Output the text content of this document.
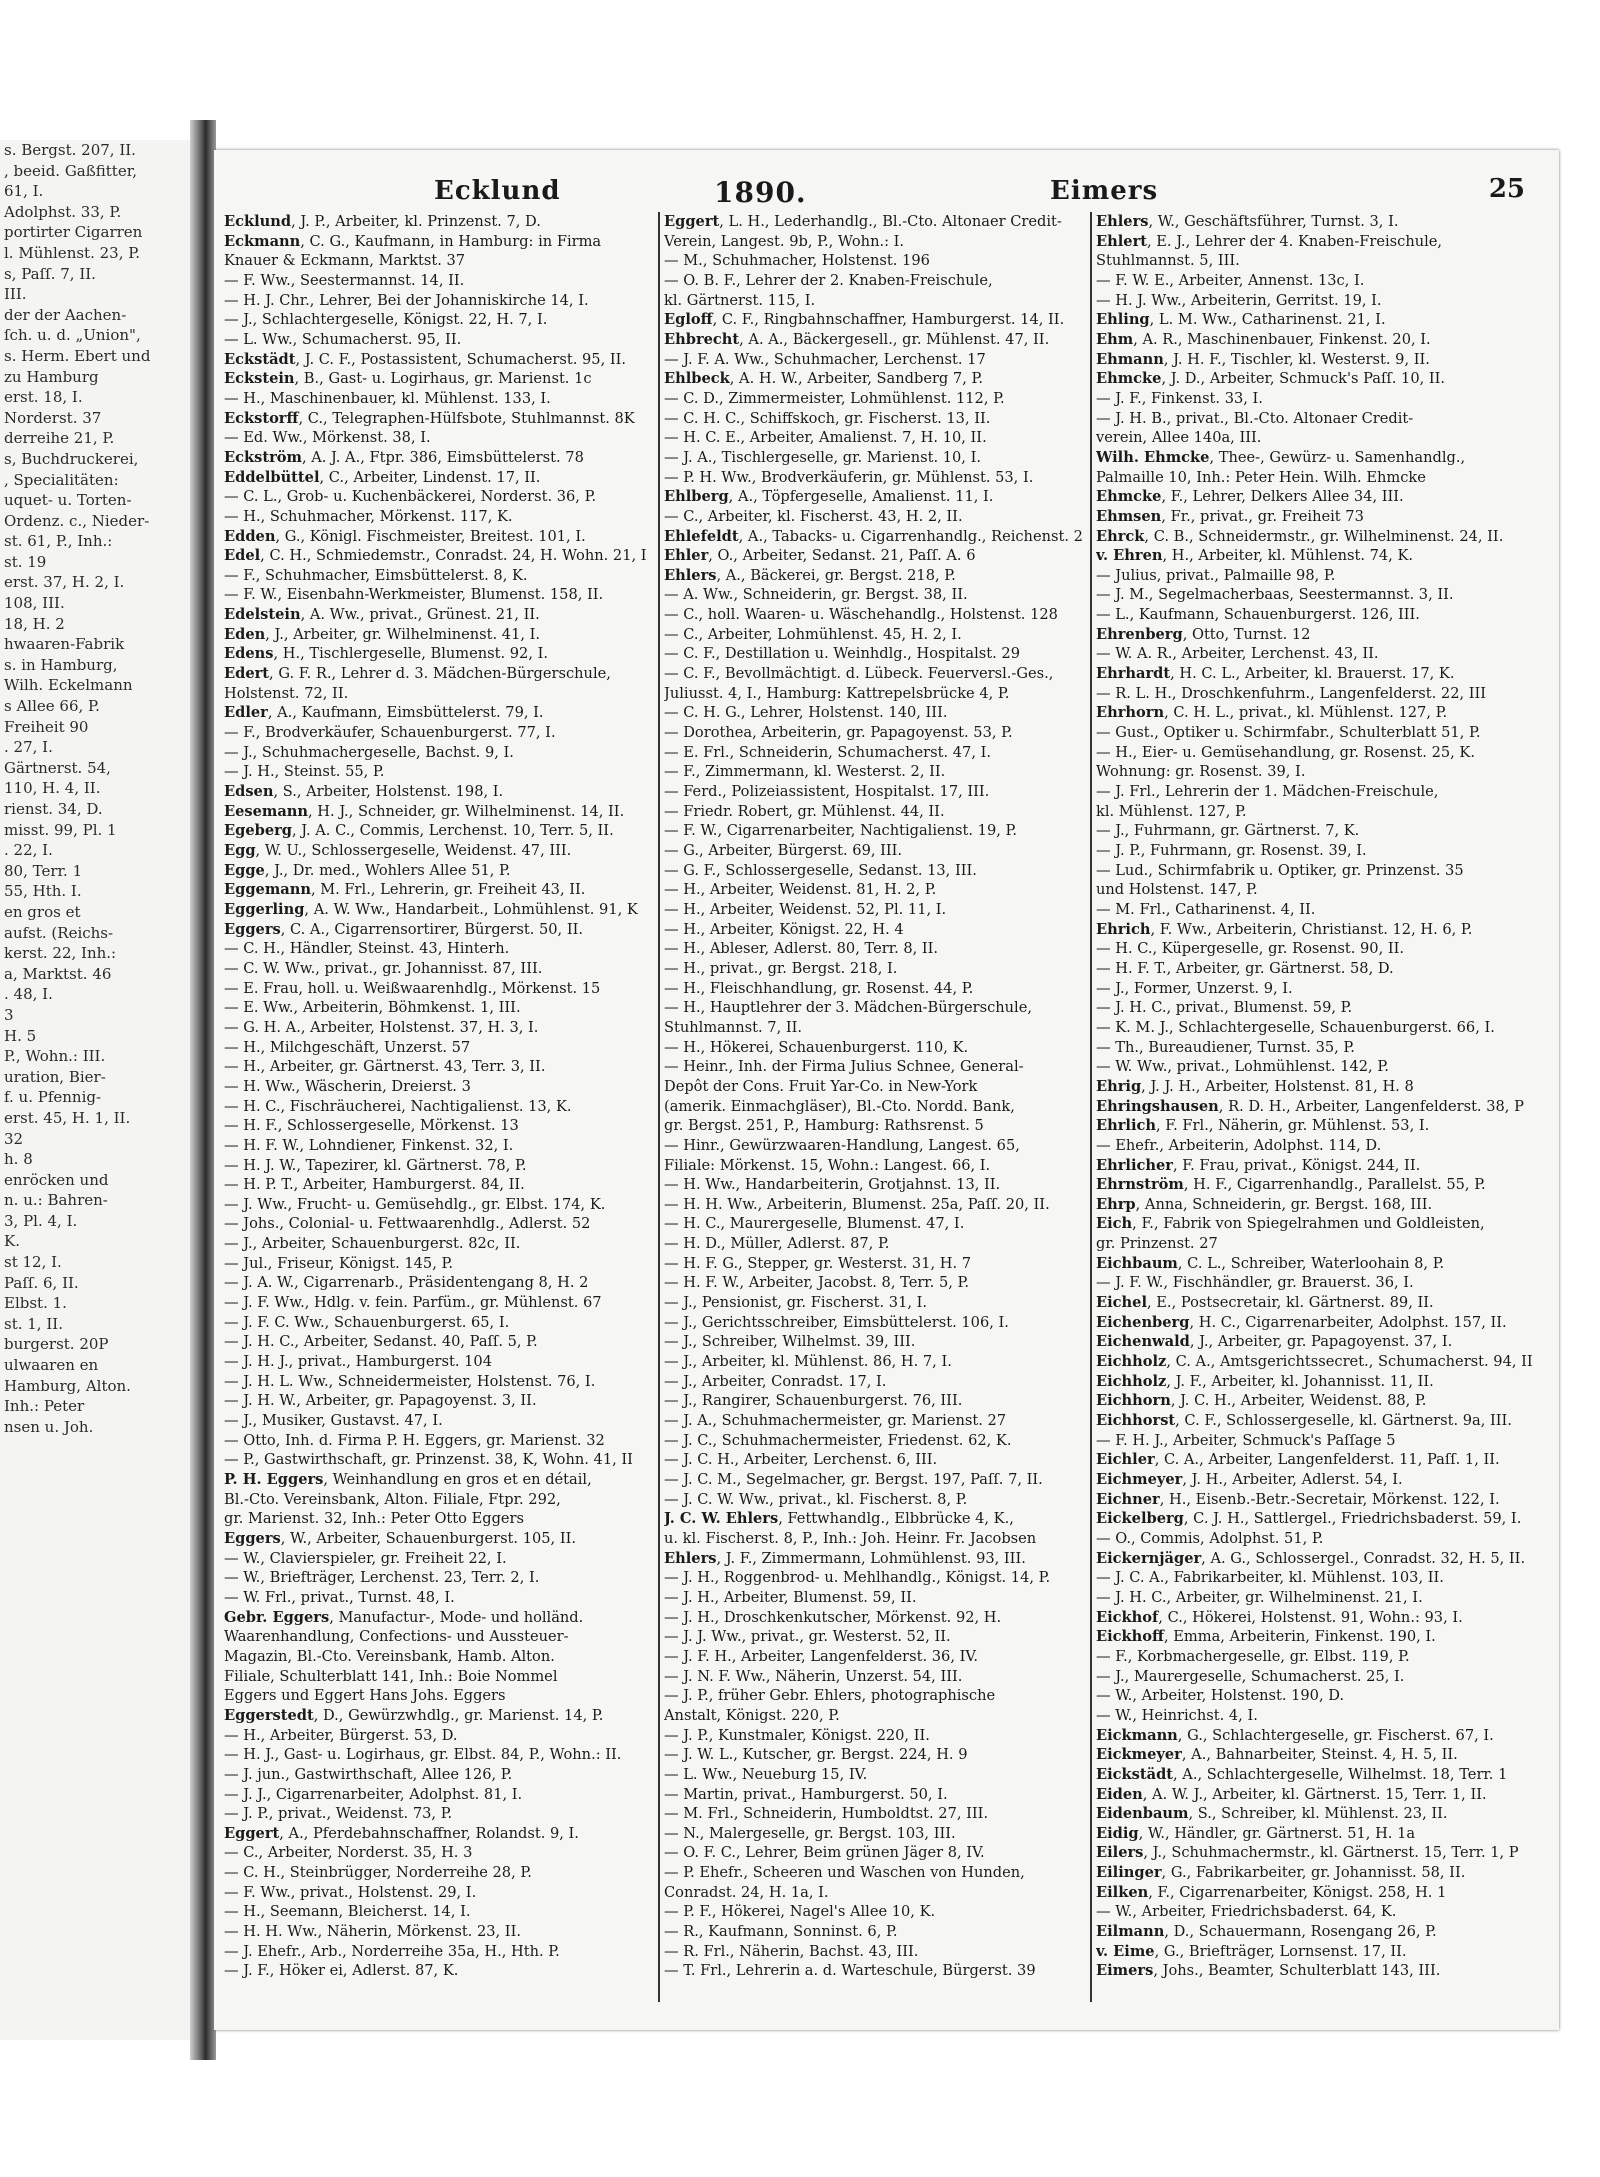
s. Bergst. 207, II.
, beeid. Gaßfitter,
61, I.
Adolphst. 33, P.
portirter Cigarren
l. Mühlenst. 23, P.
s, Paſſ. 7, II.
III.
der der Aachen-
ſch. u. d. „Union",
s. Herm. Ebert und
zu Hamburg
erst. 18, I.
Norderst. 37
derreihe 21, P.
s, Buchdruckerei,
, Specialitäten:
uquet- u. Torten-
Ordenz. c., Nieder-
st. 61, P., Inh.:
st. 19
erst. 37, H. 2, I.
108, III.
18, H. 2
hwaaren-Fabrik
s. in Hamburg,
Wilh. Eckelmann
s Allee 66, P.
Freiheit 90
. 27, I.
Gärtnerst. 54,
110, H. 4, II.
rienst. 34, D.
misst. 99, Pl. 1
. 22, I.
80, Terr. 1
55, Hth. I.
en gros et
aufst. (Reichs-
kerst. 22, Inh.:
a, Marktst. 46
. 48, I.
3
H. 5
P., Wohn.: III.
uration, Bier-
f. u. Pfennig-
erst. 45, H. 1, II.
32
h. 8
enröcken und
n. u.: Bahren-
3, Pl. 4, I.
K.
st 12, I.
Paſſ. 6, II.
Elbst. 1.
st. 1, II.
burgerst. 20P
ulwaaren en
Hamburg, Alton.
Inh.: Peter
nsen u. Joh.
Ecklund	1890.	Eimers	25
Ecklund, J. P., Arbeiter, kl. Prinzenst. 7, D.
Eckmann, C. G., Kaufmann, in Hamburg: in Firma
Knauer & Eckmann, Marktst. 37
— F. Ww., Seestermannst. 14, II.
— H. J. Chr., Lehrer, Bei der Johanniskirche 14, I.
— J., Schlachtergeselle, Königst. 22, H. 7, I.
— L. Ww., Schumacherst. 95, II.
Eckstädt, J. C. F., Postassistent, Schumacherst. 95, II.
Eckstein, B., Gast- u. Logirhaus, gr. Marienst. 1c
— H., Maschinenbauer, kl. Mühlenst. 133, I.
Eckstorff, C., Telegraphen-Hülfsbote, Stuhlmannst. 8K
— Ed. Ww., Mörkenst. 38, I.
Eckström, A. J. A., Ftpr. 386, Eimsbüttelerst. 78
Eddelbüttel, C., Arbeiter, Lindenst. 17, II.
— C. L., Grob- u. Kuchenbäckerei, Norderst. 36, P.
— H., Schuhmacher, Mörkenst. 117, K.
Edden, G., Königl. Fischmeister, Breitest. 101, I.
Edel, C. H., Schmiedemstr., Conradst. 24, H. Wohn. 21, I
— F., Schuhmacher, Eimsbüttelerst. 8, K.
— F. W., Eisenbahn-Werkmeister, Blumenst. 158, II.
Edelstein, A. Ww., privat., Grünest. 21, II.
Eden, J., Arbeiter, gr. Wilhelminenst. 41, I.
Edens, H., Tischlergeselle, Blumenst. 92, I.
Edert, G. F. R., Lehrer d. 3. Mädchen-Bürgerschule,
Holstenst. 72, II.
Edler, A., Kaufmann, Eimsbüttelerst. 79, I.
— F., Brodverkäufer, Schauenburgerst. 77, I.
— J., Schuhmachergeselle, Bachst. 9, I.
— J. H., Steinst. 55, P.
Edsen, S., Arbeiter, Holstenst. 198, I.
Eesemann, H. J., Schneider, gr. Wilhelminenst. 14, II.
Egeberg, J. A. C., Commis, Lerchenst. 10, Terr. 5, II.
Egg, W. U., Schlossergeselle, Weidenst. 47, III.
Egge, J., Dr. med., Wohlers Allee 51, P.
Eggemann, M. Frl., Lehrerin, gr. Freiheit 43, II.
Eggerling, A. W. Ww., Handarbeit., Lohmühlenst. 91, K
Eggers, C. A., Cigarrensortirer, Bürgerst. 50, II.
— C. H., Händler, Steinst. 43, Hinterh.
— C. W. Ww., privat., gr. Johannisst. 87, III.
— E. Frau, holl. u. Weißwaarenhdlg., Mörkenst. 15
— E. Ww., Arbeiterin, Böhmkenst. 1, III.
— G. H. A., Arbeiter, Holstenst. 37, H. 3, I.
— H., Milchgeschäft, Unzerst. 57
— H., Arbeiter, gr. Gärtnerst. 43, Terr. 3, II.
— H. Ww., Wäscherin, Dreierst. 3
— H. C., Fischräucherei, Nachtigalienst. 13, K.
— H. F., Schlossergeselle, Mörkenst. 13
— H. F. W., Lohndiener, Finkenst. 32, I.
— H. J. W., Tapezirer, kl. Gärtnerst. 78, P.
— H. P. T., Arbeiter, Hamburgerst. 84, II.
— J. Ww., Frucht- u. Gemüsehdlg., gr. Elbst. 174, K.
— Johs., Colonial- u. Fettwaarenhdlg., Adlerst. 52
— J., Arbeiter, Schauenburgerst. 82c, II.
— Jul., Friseur, Königst. 145, P.
— J. A. W., Cigarrenarb., Präsidentengang 8, H. 2
— J. F. Ww., Hdlg. v. fein. Parfüm., gr. Mühlenst. 67
— J. F. C. Ww., Schauenburgerst. 65, I.
— J. H. C., Arbeiter, Sedanst. 40, Paſſ. 5, P.
— J. H. J., privat., Hamburgerst. 104
— J. H. L. Ww., Schneidermeister, Holstenst. 76, I.
— J. H. W., Arbeiter, gr. Papagoyenst. 3, II.
— J., Musiker, Gustavst. 47, I.
— Otto, Inh. d. Firma P. H. Eggers, gr. Marienst. 32
— P., Gastwirthschaft, gr. Prinzenst. 38, K, Wohn. 41, II
P. H. Eggers, Weinhandlung en gros et en détail,
Bl.-Cto. Vereinsbank, Alton. Filiale, Ftpr. 292,
gr. Marienst. 32, Inh.: Peter Otto Eggers
Eggers, W., Arbeiter, Schauenburgerst. 105, II.
— W., Clavierspieler, gr. Freiheit 22, I.
— W., Briefträger, Lerchenst. 23, Terr. 2, I.
— W. Frl., privat., Turnst. 48, I.
Gebr. Eggers, Manufactur-, Mode- und holländ.
Waarenhandlung, Confections- und Aussteuer-
Magazin, Bl.-Cto. Vereinsbank, Hamb. Alton.
Filiale, Schulterblatt 141, Inh.: Boie Nommel
Eggers und Eggert Hans Johs. Eggers
Eggerstedt, D., Gewürzwhdlg., gr. Marienst. 14, P.
— H., Arbeiter, Bürgerst. 53, D.
— H. J., Gast- u. Logirhaus, gr. Elbst. 84, P., Wohn.: II.
— J. jun., Gastwirthschaft, Allee 126, P.
— J. J., Cigarrenarbeiter, Adolphst. 81, I.
— J. P., privat., Weidenst. 73, P.
Eggert, A., Pferdebahnschaffner, Rolandst. 9, I.
— C., Arbeiter, Norderst. 35, H. 3
— C. H., Steinbrügger, Norderreihe 28, P.
— F. Ww., privat., Holstenst. 29, I.
— H., Seemann, Bleicherst. 14, I.
— H. H. Ww., Näherin, Mörkenst. 23, II.
— J. Ehefr., Arb., Norderreihe 35a, H., Hth. P.
— J. F., Höker ei, Adlerst. 87, K.
Eggert, L. H., Lederhandlg., Bl.-Cto. Altonaer Credit-
Verein, Langest. 9b, P., Wohn.: I.
— M., Schuhmacher, Holstenst. 196
— O. B. F., Lehrer der 2. Knaben-Freischule,
kl. Gärtnerst. 115, I.
Egloff, C. F., Ringbahnschaffner, Hamburgerst. 14, II.
Ehbrecht, A. A., Bäckergesell., gr. Mühlenst. 47, II.
— J. F. A. Ww., Schuhmacher, Lerchenst. 17
Ehlbeck, A. H. W., Arbeiter, Sandberg 7, P.
— C. D., Zimmermeister, Lohmühlenst. 112, P.
— C. H. C., Schiffskoch, gr. Fischerst. 13, II.
— H. C. E., Arbeiter, Amalienst. 7, H. 10, II.
— J. A., Tischlergeselle, gr. Marienst. 10, I.
— P. H. Ww., Brodverkäuferin, gr. Mühlenst. 53, I.
Ehlberg, A., Töpfergeselle, Amalienst. 11, I.
— C., Arbeiter, kl. Fischerst. 43, H. 2, II.
Ehlefeldt, A., Tabacks- u. Cigarrenhandlg., Reichenst. 2
Ehler, O., Arbeiter, Sedanst. 21, Paſſ. A. 6
Ehlers, A., Bäckerei, gr. Bergst. 218, P.
— A. Ww., Schneiderin, gr. Bergst. 38, II.
— C., holl. Waaren- u. Wäschehandlg., Holstenst. 128
— C., Arbeiter, Lohmühlenst. 45, H. 2, I.
— C. F., Destillation u. Weinhdlg., Hospitalst. 29
— C. F., Bevollmächtigt. d. Lübeck. Feuerversl.-Ges.,
Juliusst. 4, I., Hamburg: Kattrepelsbrücke 4, P.
— C. H. G., Lehrer, Holstenst. 140, III.
— Dorothea, Arbeiterin, gr. Papagoyenst. 53, P.
— E. Frl., Schneiderin, Schumacherst. 47, I.
— F., Zimmermann, kl. Westerst. 2, II.
— Ferd., Polizeiassistent, Hospitalst. 17, III.
— Friedr. Robert, gr. Mühlenst. 44, II.
— F. W., Cigarrenarbeiter, Nachtigalienst. 19, P.
— G., Arbeiter, Bürgerst. 69, III.
— G. F., Schlossergeselle, Sedanst. 13, III.
— H., Arbeiter, Weidenst. 81, H. 2, P.
— H., Arbeiter, Weidenst. 52, Pl. 11, I.
— H., Arbeiter, Königst. 22, H. 4
— H., Ableser, Adlerst. 80, Terr. 8, II.
— H., privat., gr. Bergst. 218, I.
— H., Fleischhandlung, gr. Rosenst. 44, P.
— H., Hauptlehrer der 3. Mädchen-Bürgerschule,
Stuhlmannst. 7, II.
— H., Hökerei, Schauenburgerst. 110, K.
— Heinr., Inh. der Firma Julius Schnee, General-
Depôt der Cons. Fruit Yar-Co. in New-York
(amerik. Einmachgläser), Bl.-Cto. Nordd. Bank,
gr. Bergst. 251, P., Hamburg: Rathsrenst. 5
— Hinr., Gewürzwaaren-Handlung, Langest. 65,
Filiale: Mörkenst. 15, Wohn.: Langest. 66, I.
— H. Ww., Handarbeiterin, Grotjahnst. 13, II.
— H. H. Ww., Arbeiterin, Blumenst. 25a, Paſſ. 20, II.
— H. C., Maurergeselle, Blumenst. 47, I.
— H. D., Müller, Adlerst. 87, P.
— H. F. G., Stepper, gr. Westerst. 31, H. 7
— H. F. W., Arbeiter, Jacobst. 8, Terr. 5, P.
— J., Pensionist, gr. Fischerst. 31, I.
— J., Gerichtsschreiber, Eimsbüttelerst. 106, I.
— J., Schreiber, Wilhelmst. 39, III.
— J., Arbeiter, kl. Mühlenst. 86, H. 7, I.
— J., Arbeiter, Conradst. 17, I.
— J., Rangirer, Schauenburgerst. 76, III.
— J. A., Schuhmachermeister, gr. Marienst. 27
— J. C., Schuhmachermeister, Friedenst. 62, K.
— J. C. H., Arbeiter, Lerchenst. 6, III.
— J. C. M., Segelmacher, gr. Bergst. 197, Paſſ. 7, II.
— J. C. W. Ww., privat., kl. Fischerst. 8, P.
J. C. W. Ehlers, Fettwhandlg., Elbbrücke 4, K.,
u. kl. Fischerst. 8, P., Inh.: Joh. Heinr. Fr. Jacobsen
Ehlers, J. F., Zimmermann, Lohmühlenst. 93, III.
— J. H., Roggenbrod- u. Mehlhandlg., Königst. 14, P.
— J. H., Arbeiter, Blumenst. 59, II.
— J. H., Droschkenkutscher, Mörkenst. 92, H.
— J. J. Ww., privat., gr. Westerst. 52, II.
— J. F. H., Arbeiter, Langenfelderst. 36, IV.
— J. N. F. Ww., Näherin, Unzerst. 54, III.
— J. P., früher Gebr. Ehlers, photographische
Anstalt, Königst. 220, P.
— J. P., Kunstmaler, Königst. 220, II.
— J. W. L., Kutscher, gr. Bergst. 224, H. 9
— L. Ww., Neueburg 15, IV.
— Martin, privat., Hamburgerst. 50, I.
— M. Frl., Schneiderin, Humboldtst. 27, III.
— N., Malergeselle, gr. Bergst. 103, III.
— O. F. C., Lehrer, Beim grünen Jäger 8, IV.
— P. Ehefr., Scheeren und Waschen von Hunden,
Conradst. 24, H. 1a, I.
— P. F., Hökerei, Nagel's Allee 10, K.
— R., Kaufmann, Sonninst. 6, P.
— R. Frl., Näherin, Bachst. 43, III.
— T. Frl., Lehrerin a. d. Warteschule, Bürgerst. 39
Ehlers, W., Geschäftsführer, Turnst. 3, I.
Ehlert, E. J., Lehrer der 4. Knaben-Freischule,
Stuhlmannst. 5, III.
— F. W. E., Arbeiter, Annenst. 13c, I.
— H. J. Ww., Arbeiterin, Gerritst. 19, I.
Ehling, L. M. Ww., Catharinenst. 21, I.
Ehm, A. R., Maschinenbauer, Finkenst. 20, I.
Ehmann, J. H. F., Tischler, kl. Westerst. 9, II.
Ehmcke, J. D., Arbeiter, Schmuck's Paſſ. 10, II.
— J. F., Finkenst. 33, I.
— J. H. B., privat., Bl.-Cto. Altonaer Credit-
verein, Allee 140a, III.
Wilh. Ehmcke, Thee-, Gewürz- u. Samenhandlg.,
Palmaille 10, Inh.: Peter Hein. Wilh. Ehmcke
Ehmcke, F., Lehrer, Delkers Allee 34, III.
Ehmsen, Fr., privat., gr. Freiheit 73
Ehrck, C. B., Schneidermstr., gr. Wilhelminenst. 24, II.
v. Ehren, H., Arbeiter, kl. Mühlenst. 74, K.
— Julius, privat., Palmaille 98, P.
— J. M., Segelmacherbaas, Seestermannst. 3, II.
— L., Kaufmann, Schauenburgerst. 126, III.
Ehrenberg, Otto, Turnst. 12
— W. A. R., Arbeiter, Lerchenst. 43, II.
Ehrhardt, H. C. L., Arbeiter, kl. Brauerst. 17, K.
— R. L. H., Droschkenfuhrm., Langenfelderst. 22, III
Ehrhorn, C. H. L., privat., kl. Mühlenst. 127, P.
— Gust., Optiker u. Schirmfabr., Schulterblatt 51, P.
— H., Eier- u. Gemüsehandlung, gr. Rosenst. 25, K.
Wohnung: gr. Rosenst. 39, I.
— J. Frl., Lehrerin der 1. Mädchen-Freischule,
kl. Mühlenst. 127, P.
— J., Fuhrmann, gr. Gärtnerst. 7, K.
— J. P., Fuhrmann, gr. Rosenst. 39, I.
— Lud., Schirmfabrik u. Optiker, gr. Prinzenst. 35
und Holstenst. 147, P.
— M. Frl., Catharinenst. 4, II.
Ehrich, F. Ww., Arbeiterin, Christianst. 12, H. 6, P.
— H. C., Küpergeselle, gr. Rosenst. 90, II.
— H. F. T., Arbeiter, gr. Gärtnerst. 58, D.
— J., Former, Unzerst. 9, I.
— J. H. C., privat., Blumenst. 59, P.
— K. M. J., Schlachtergeselle, Schauenburgerst. 66, I.
— Th., Bureaudiener, Turnst. 35, P.
— W. Ww., privat., Lohmühlenst. 142, P.
Ehrig, J. J. H., Arbeiter, Holstenst. 81, H. 8
Ehringshausen, R. D. H., Arbeiter, Langenfelderst. 38, P
Ehrlich, F. Frl., Näherin, gr. Mühlenst. 53, I.
— Ehefr., Arbeiterin, Adolphst. 114, D.
Ehrlicher, F. Frau, privat., Königst. 244, II.
Ehrnström, H. F., Cigarrenhandlg., Parallelst. 55, P.
Ehrp, Anna, Schneiderin, gr. Bergst. 168, III.
Eich, F., Fabrik von Spiegelrahmen und Goldleisten,
gr. Prinzenst. 27
Eichbaum, C. L., Schreiber, Waterloohain 8, P.
— J. F. W., Fischhändler, gr. Brauerst. 36, I.
Eichel, E., Postsecretair, kl. Gärtnerst. 89, II.
Eichenberg, H. C., Cigarrenarbeiter, Adolphst. 157, II.
Eichenwald, J., Arbeiter, gr. Papagoyenst. 37, I.
Eichholz, C. A., Amtsgerichtssecret., Schumacherst. 94, II
Eichholz, J. F., Arbeiter, kl. Johannisst. 11, II.
Eichhorn, J. C. H., Arbeiter, Weidenst. 88, P.
Eichhorst, C. F., Schlossergeselle, kl. Gärtnerst. 9a, III.
— F. H. J., Arbeiter, Schmuck's Paſſage 5
Eichler, C. A., Arbeiter, Langenfelderst. 11, Paſſ. 1, II.
Eichmeyer, J. H., Arbeiter, Adlerst. 54, I.
Eichner, H., Eisenb.-Betr.-Secretair, Mörkenst. 122, I.
Eickelberg, C. J. H., Sattlergel., Friedrichsbaderst. 59, I.
— O., Commis, Adolphst. 51, P.
Eickernjäger, A. G., Schlossergel., Conradst. 32, H. 5, II.
— J. C. A., Fabrikarbeiter, kl. Mühlenst. 103, II.
— J. H. C., Arbeiter, gr. Wilhelminenst. 21, I.
Eickhof, C., Hökerei, Holstenst. 91, Wohn.: 93, I.
Eickhoff, Emma, Arbeiterin, Finkenst. 190, I.
— F., Korbmachergeselle, gr. Elbst. 119, P.
— J., Maurergeselle, Schumacherst. 25, I.
— W., Arbeiter, Holstenst. 190, D.
— W., Heinrichst. 4, I.
Eickmann, G., Schlachtergeselle, gr. Fischerst. 67, I.
Eickmeyer, A., Bahnarbeiter, Steinst. 4, H. 5, II.
Eickstädt, A., Schlachtergeselle, Wilhelmst. 18, Terr. 1
Eiden, A. W. J., Arbeiter, kl. Gärtnerst. 15, Terr. 1, II.
Eidenbaum, S., Schreiber, kl. Mühlenst. 23, II.
Eidig, W., Händler, gr. Gärtnerst. 51, H. 1a
Eilers, J., Schuhmachermstr., kl. Gärtnerst. 15, Terr. 1, P
Eilinger, G., Fabrikarbeiter, gr. Johannisst. 58, II.
Eilken, F., Cigarrenarbeiter, Königst. 258, H. 1
— W., Arbeiter, Friedrichsbaderst. 64, K.
Eilmann, D., Schauermann, Rosengang 26, P.
v. Eime, G., Briefträger, Lornsenst. 17, II.
Eimers, Johs., Beamter, Schulterblatt 143, III.
